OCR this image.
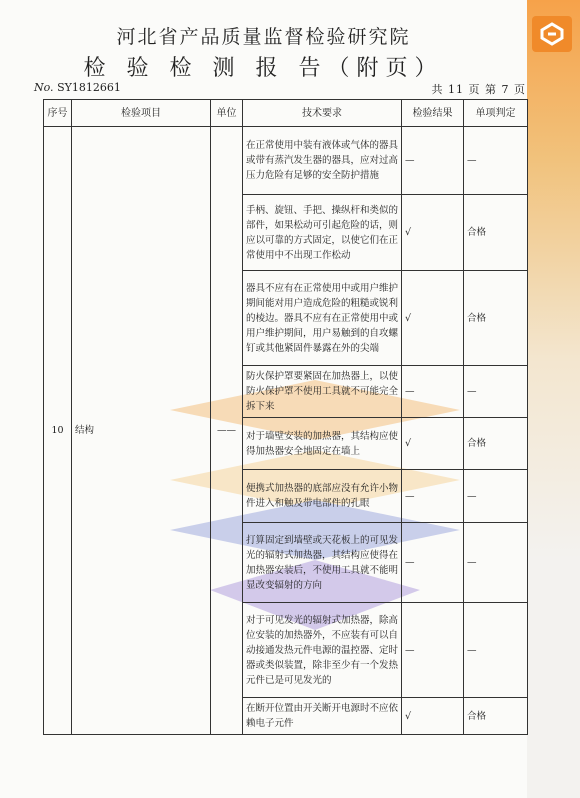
河北省产品质量监督检验研究院
检 验 检 测 报 告（附页）
No. SY1812661	共 11 页 第 7 页
序号	检验项目	单位	技术要求	检验结果	单项判定
10	结构	——	在正常使用中装有液体或气体的器具或带有蒸汽发生器的器具，应对过高压力危险有足够的安全防护措施	—	—
			手柄、旋钮、手把、操纵杆和类似的部件，如果松动可引起危险的话，则应以可靠的方式固定，以使它们在正常使用中不出现工作松动	√	合格
			器具不应有在正常使用中或用户维护期间能对用户造成危险的粗糙或锐利的棱边。器具不应有在正常使用中或用户维护期间，用户易触到的自攻螺钉或其他紧固件暴露在外的尖端	√	合格
			防火保护罩要紧固在加热器上，以使防火保护罩不使用工具就不可能完全拆下来	—	—
			对于墙壁安装的加热器，其结构应使得加热器安全地固定在墙上	√	合格
			便携式加热器的底部应没有允许小物件进入和触及带电部件的孔眼	—	—
			打算固定到墙壁或天花板上的可见发光的辐射式加热器，其结构应使得在加热器安装后，不使用工具就不能明显改变辐射的方向	—	—
			对于可见发光的辐射式加热器，除高位安装的加热器外，不应装有可以自动接通发热元件电源的温控器、定时器或类似装置，除非至少有一个发热元件已是可见发光的	—	—
			在断开位置由开关断开电源时不应依赖电子元件	√	合格
